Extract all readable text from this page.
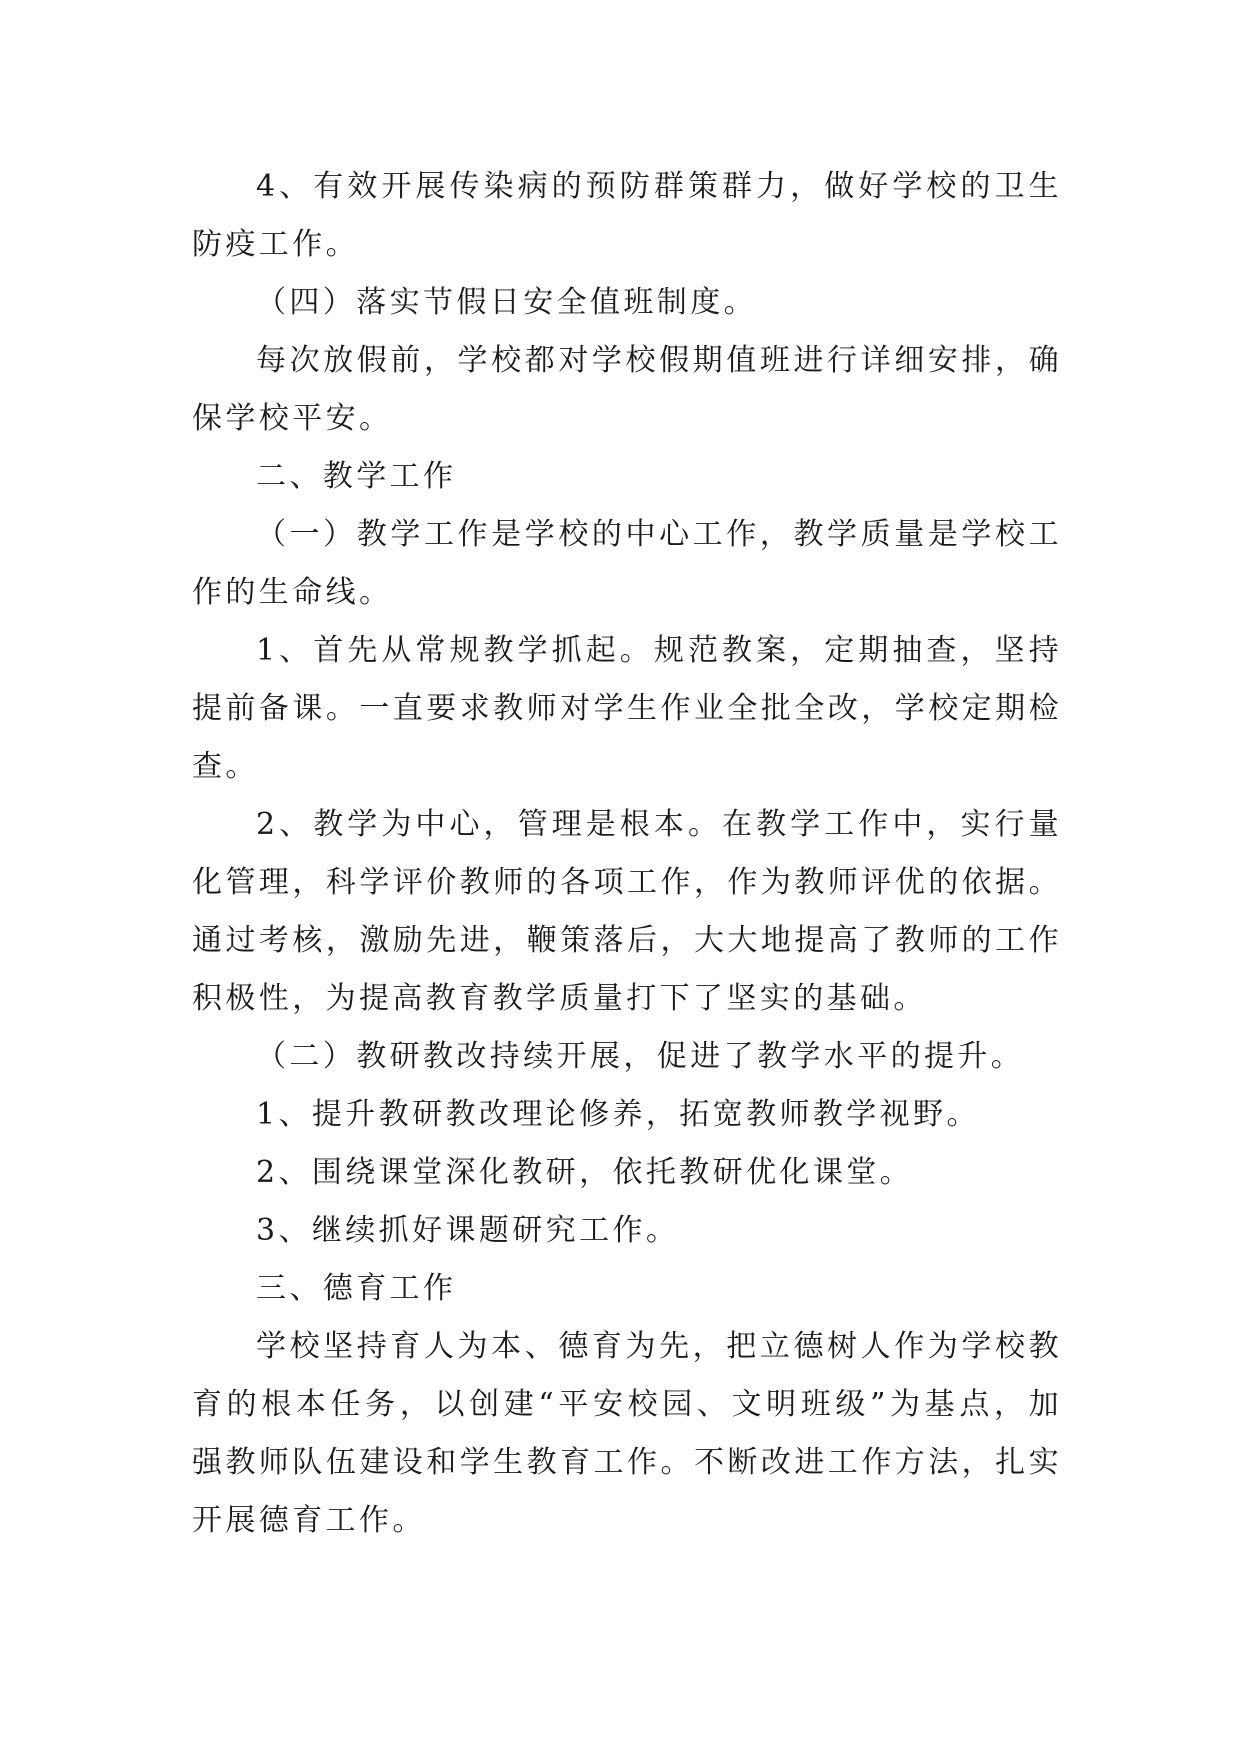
4、有效开展传染病的预防群策群力，做好学校的卫生防疫工作。

（四）落实节假日安全值班制度。

每次放假前，学校都对学校假期值班进行详细安排，确保学校平安。

二、教学工作

（一）教学工作是学校的中心工作，教学质量是学校工作的生命线。

1、首先从常规教学抓起。规范教案，定期抽查，坚持提前备课。一直要求教师对学生作业全批全改，学校定期检查。

2、教学为中心，管理是根本。在教学工作中，实行量化管理，科学评价教师的各项工作，作为教师评优的依据。通过考核，激励先进，鞭策落后，大大地提高了教师的工作积极性，为提高教育教学质量打下了坚实的基础。

（二）教研教改持续开展，促进了教学水平的提升。

1、提升教研教改理论修养，拓宽教师教学视野。

2、围绕课堂深化教研，依托教研优化课堂。

3、继续抓好课题研究工作。

三、德育工作

学校坚持育人为本、德育为先，把立德树人作为学校教育的根本任务，以创建“平安校园、文明班级”为基点，加强教师队伍建设和学生教育工作。不断改进工作方法，扎实开展德育工作。
